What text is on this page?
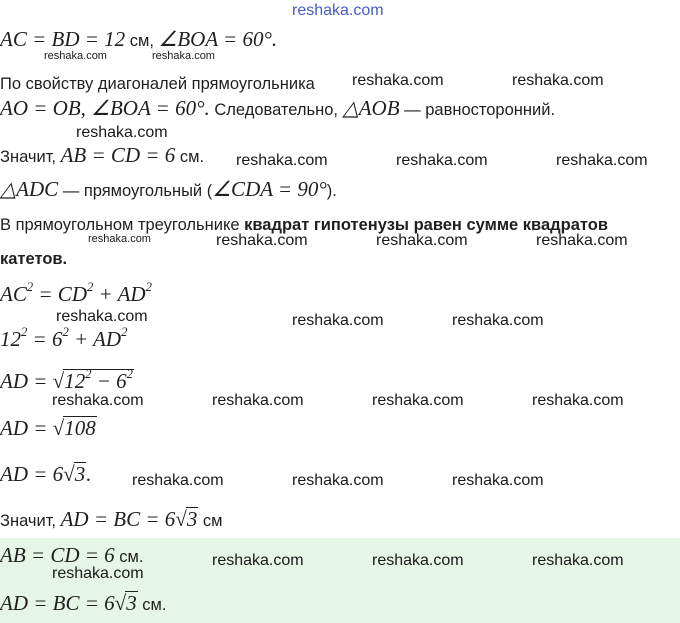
reshaka.com
AC = BD = 12 см, ∠BOA = 60°.
reshaka.com	reshaka.com
По свойству диагоналей прямоугольника reshaka.com	reshaka.com
AO = OB, ∠BOA = 60°. Следовательно, △AOB — равносторонний.
reshaka.com
Значит, AB = CD = 6 см. reshaka.com	reshaka.com	reshaka.com
△ADC — прямоугольный (∠CDA = 90°).
В прямоугольном треугольнике квадрат гипотенузы равен сумме квадратов
reshaka.com	reshaka.com	reshaka.com	reshaka.com
катетов.
$AC^2 = CD^2 + AD^2$
reshaka.com	reshaka.com	reshaka.com
$12^2 = 6^2 + AD^2$
AD = $√12^2 - 6^2$
reshaka.com	reshaka.com	reshaka.com	reshaka.com
AD = √108
AD = 6√3.	reshaka.com	reshaka.com	reshaka.com
Значит, AD = BC = 6√3 см
AB = CD = 6 см.	reshaka.com	reshaka.com	reshaka.com
reshaka.com
AD = BC = 6√3 см.
